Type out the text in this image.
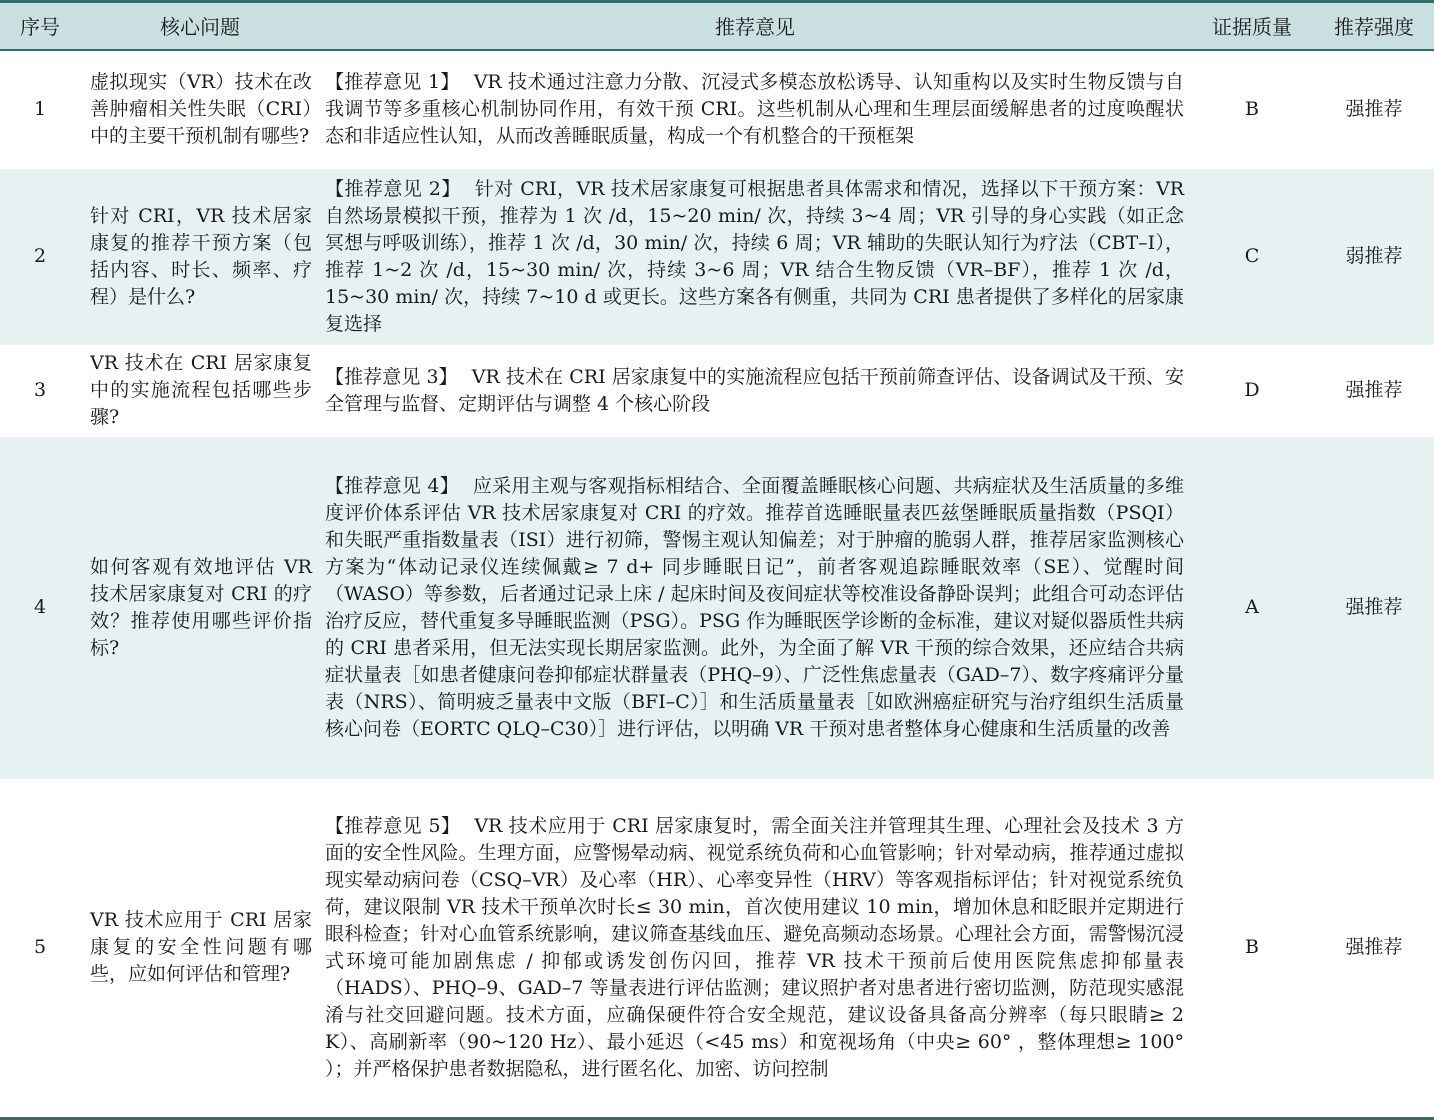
序号	核心问题	推荐意见	证据质量	推荐强度
1	虚拟现实（VR）技术在改善肿瘤相关性失眠（CRI）中的主要干预机制有哪些?	【推荐意见 1】 VR 技术通过注意力分散、沉浸式多模态放松诱导、认知重构以及实时生物反馈与自我调节等多重核心机制协同作用，有效干预 CRI。这些机制从心理和生理层面缓解患者的过度唤醒状态和非适应性认知，从而改善睡眠质量，构成一个有机整合的干预框架	B	强推荐
2	针对 CRI，VR 技术居家康复的推荐干预方案（包括内容、时长、频率、疗程）是什么?	【推荐意见 2】 针对 CRI，VR 技术居家康复可根据患者具体需求和情况，选择以下干预方案：VR 自然场景模拟干预，推荐为 1 次 /d，15~20 min/ 次，持续 3~4 周；VR 引导的身心实践（如正念冥想与呼吸训练），推荐 1 次 /d，30 min/ 次，持续 6 周；VR 辅助的失眠认知行为疗法（CBT–I），推荐 1~2 次 /d，15~30 min/ 次，持续 3~6 周；VR 结合生物反馈（VR–BF），推荐 1 次 /d，15~30 min/ 次，持续 7~10 d 或更长。这些方案各有侧重，共同为 CRI 患者提供了多样化的居家康复选择	C	弱推荐
3	VR 技术在 CRI 居家康复中的实施流程包括哪些步骤?	【推荐意见 3】 VR 技术在 CRI 居家康复中的实施流程应包括干预前筛查评估、设备调试及干预、安全管理与监督、定期评估与调整 4 个核心阶段	D	强推荐
4	如何客观有效地评估 VR 技术居家康复对 CRI 的疗效？推荐使用哪些评价指标?	【推荐意见 4】 应采用主观与客观指标相结合、全面覆盖睡眠核心问题、共病症状及生活质量的多维度评价体系评估 VR 技术居家康复对 CRI 的疗效。推荐首选睡眠量表匹兹堡睡眠质量指数（PSQI）和失眠严重指数量表（ISI）进行初筛，警惕主观认知偏差；对于肿瘤的脆弱人群，推荐居家监测核心方案为“体动记录仪连续佩戴≥ 7 d+ 同步睡眠日记”，前者客观追踪睡眠效率（SE）、觉醒时间（WASO）等参数，后者通过记录上床 / 起床时间及夜间症状等校准设备静卧误判；此组合可动态评估治疗反应，替代重复多导睡眠监测（PSG）。PSG 作为睡眠医学诊断的金标准，建议对疑似器质性共病的 CRI 患者采用，但无法实现长期居家监测。此外，为全面了解 VR 干预的综合效果，还应结合共病症状量表［如患者健康问卷抑郁症状群量表（PHQ–9）、广泛性焦虑量表（GAD–7）、数字疼痛评分量表（NRS）、简明疲乏量表中文版（BFI–C）］和生活质量量表［如欧洲癌症研究与治疗组织生活质量核心问卷（EORTC QLQ–C30）］进行评估，以明确 VR 干预对患者整体身心健康和生活质量的改善	A	强推荐
5	VR 技术应用于 CRI 居家康复的安全性问题有哪些，应如何评估和管理?	【推荐意见 5】 VR 技术应用于 CRI 居家康复时，需全面关注并管理其生理、心理社会及技术 3 方面的安全性风险。生理方面，应警惕晕动病、视觉系统负荷和心血管影响；针对晕动病，推荐通过虚拟现实晕动病问卷（CSQ–VR）及心率（HR）、心率变异性（HRV）等客观指标评估；针对视觉系统负荷，建议限制 VR 技术干预单次时长≤ 30 min，首次使用建议 10 min，增加休息和眨眼并定期进行眼科检查；针对心血管系统影响，建议筛查基线血压、避免高频动态场景。心理社会方面，需警惕沉浸式环境可能加剧焦虑 / 抑郁或诱发创伤闪回，推荐 VR 技术干预前后使用医院焦虑抑郁量表（HADS）、PHQ–9、GAD–7 等量表进行评估监测；建议照护者对患者进行密切监测，防范现实感混淆与社交回避问题。技术方面，应确保硬件符合安全规范，建议设备具备高分辨率（每只眼睛≥ 2 K）、高刷新率（90~120 Hz）、最小延迟（<45 ms）和宽视场角（中央≥ 60° ，整体理想≥ 100° ）；并严格保护患者数据隐私，进行匿名化、加密、访问控制	B	强推荐
